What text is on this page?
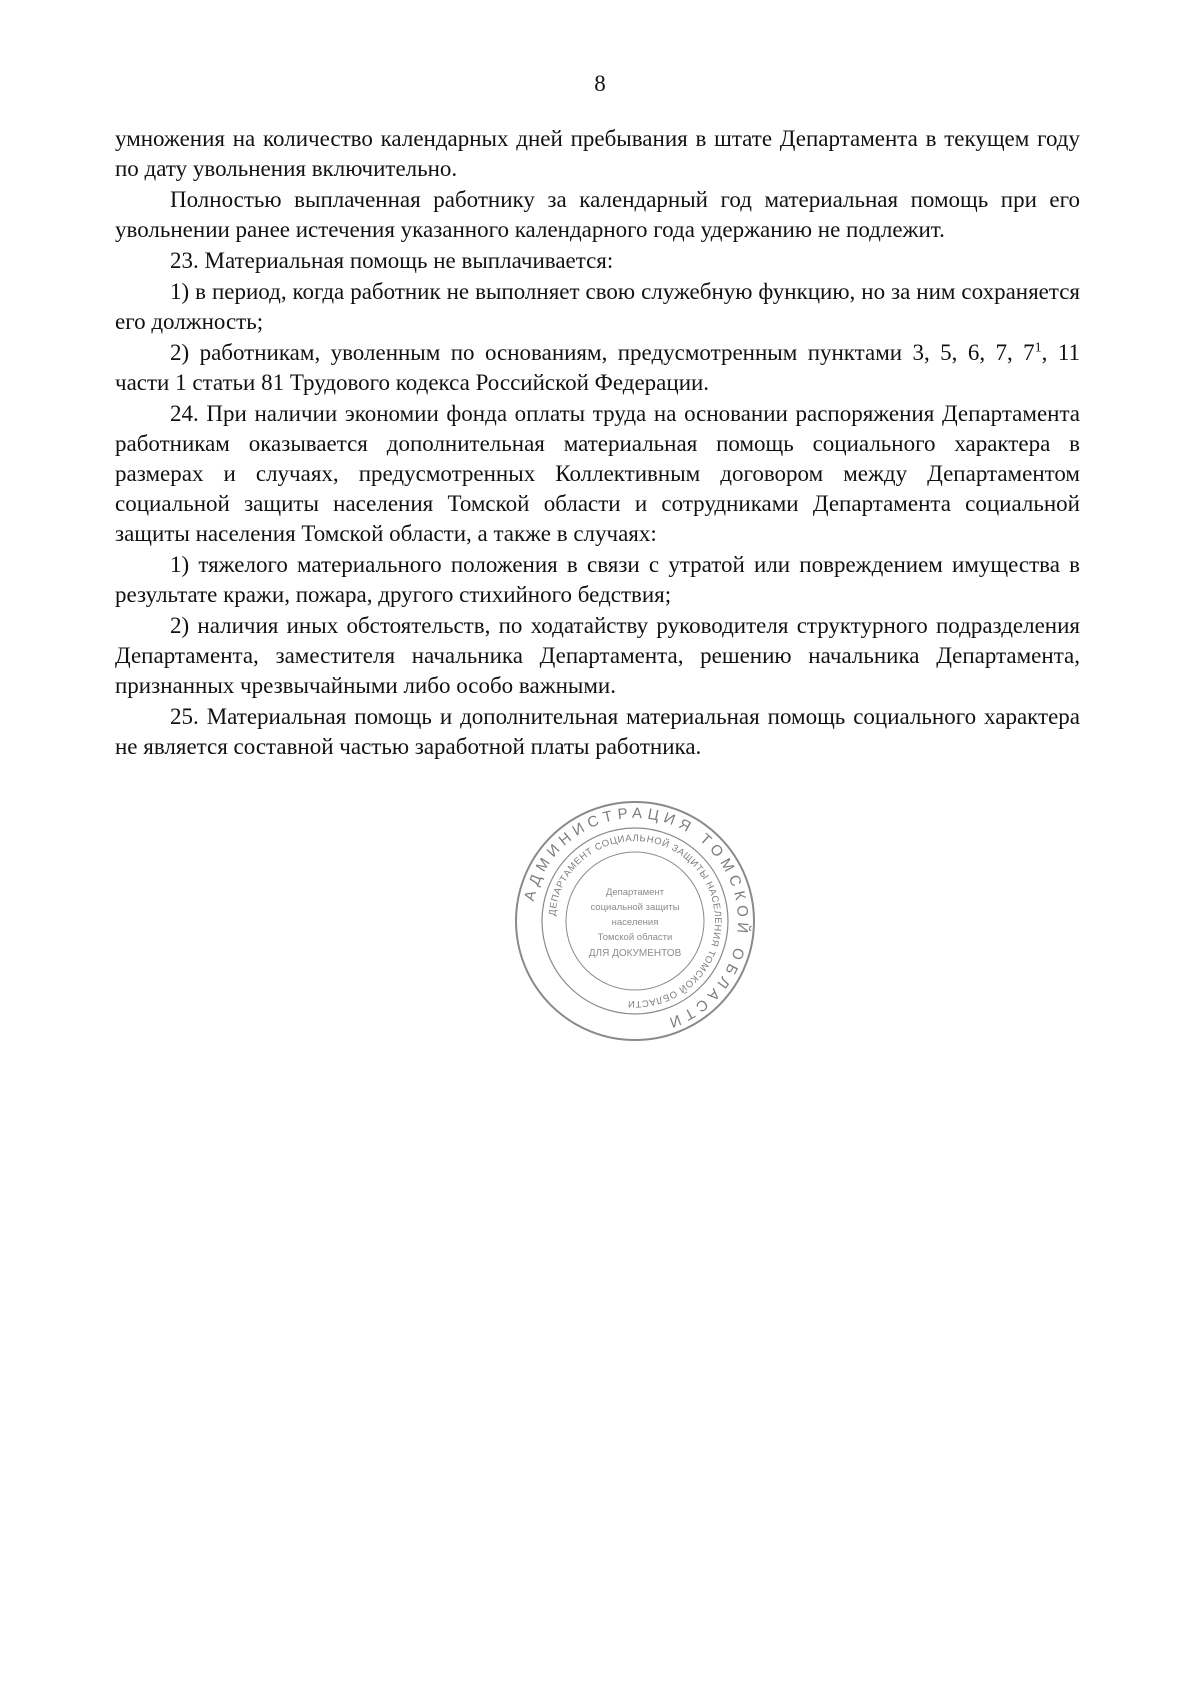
8

умножения на количество календарных дней пребывания в штате Департамента в текущем году по дату увольнения включительно.

Полностью выплаченная работнику за календарный год материальная помощь при его увольнении ранее истечения указанного календарного года удержанию не подлежит.

23. Материальная помощь не выплачивается:

1) в период, когда работник не выполняет свою служебную функцию, но за ним сохраняется его должность;

2) работникам, уволенным по основаниям, предусмотренным пунктами 3, 5, 6, 7, $7^1$, 11 части 1 статьи 81 Трудового кодекса Российской Федерации.

24. При наличии экономии фонда оплаты труда на основании распоряжения Департамента работникам оказывается дополнительная материальная помощь социального характера в размерах и случаях, предусмотренных Коллективным договором между Департаментом социальной защиты населения Томской области и сотрудниками Департамента социальной защиты населения Томской области, а также в случаях:

1) тяжелого материального положения в связи с утратой или повреждением имущества в результате кражи, пожара, другого стихийного бедствия;

2) наличия иных обстоятельств, по ходатайству руководителя структурного подразделения Департамента, заместителя начальника Департамента, решению начальника Департамента, признанных чрезвычайными либо особо важными.

25. Материальная помощь и дополнительная материальная помощь социального характера не является составной частью заработной платы работника.

АДМИНИСТРАЦИЯ ТОМСКОЙ ОБЛАСТИ
ДЕПАРТАМЕНТ СОЦИАЛЬНОЙ ЗАЩИТЫ НАСЕЛЕНИЯ ТОМСКОЙ ОБЛАСТИ
Департамент
социальной защиты
населения
Томской области
ДЛЯ ДОКУМЕНТОВ
